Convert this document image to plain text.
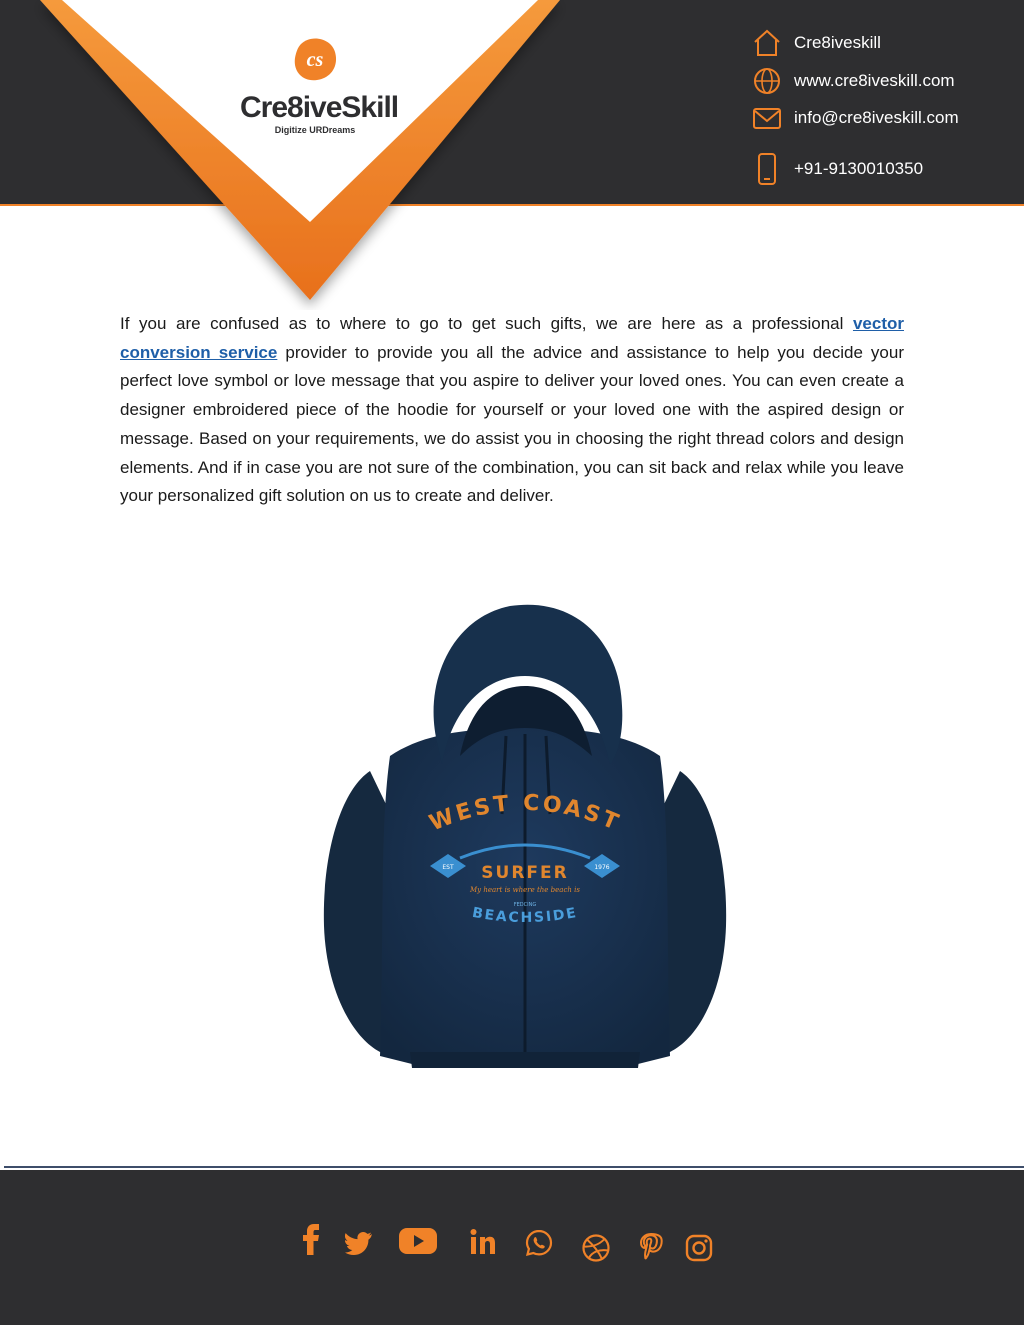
cs
Cre8iveSkill
Digitize URDreams
Cre8iveskill
www.cre8iveskill.com
info@cre8iveskill.com
+91-9130010350

If you are confused as to where to go to get such gifts, we are here as a professional vector conversion service provider to provide you all the advice and assistance to help you decide your perfect love symbol or love message that you aspire to deliver your loved ones. You can even create a designer embroidered piece of the hoodie for yourself or your loved one with the aspired design or message. Based on your requirements, we do assist you in choosing the right thread colors and design elements. And if in case you are not sure of the combination, you can sit back and relax while you leave your personalized gift solution on us to create and deliver.

WEST COAST
EST	1976
SURFER
My heart is where the beach is
FEDCING
BEACHSIDE
